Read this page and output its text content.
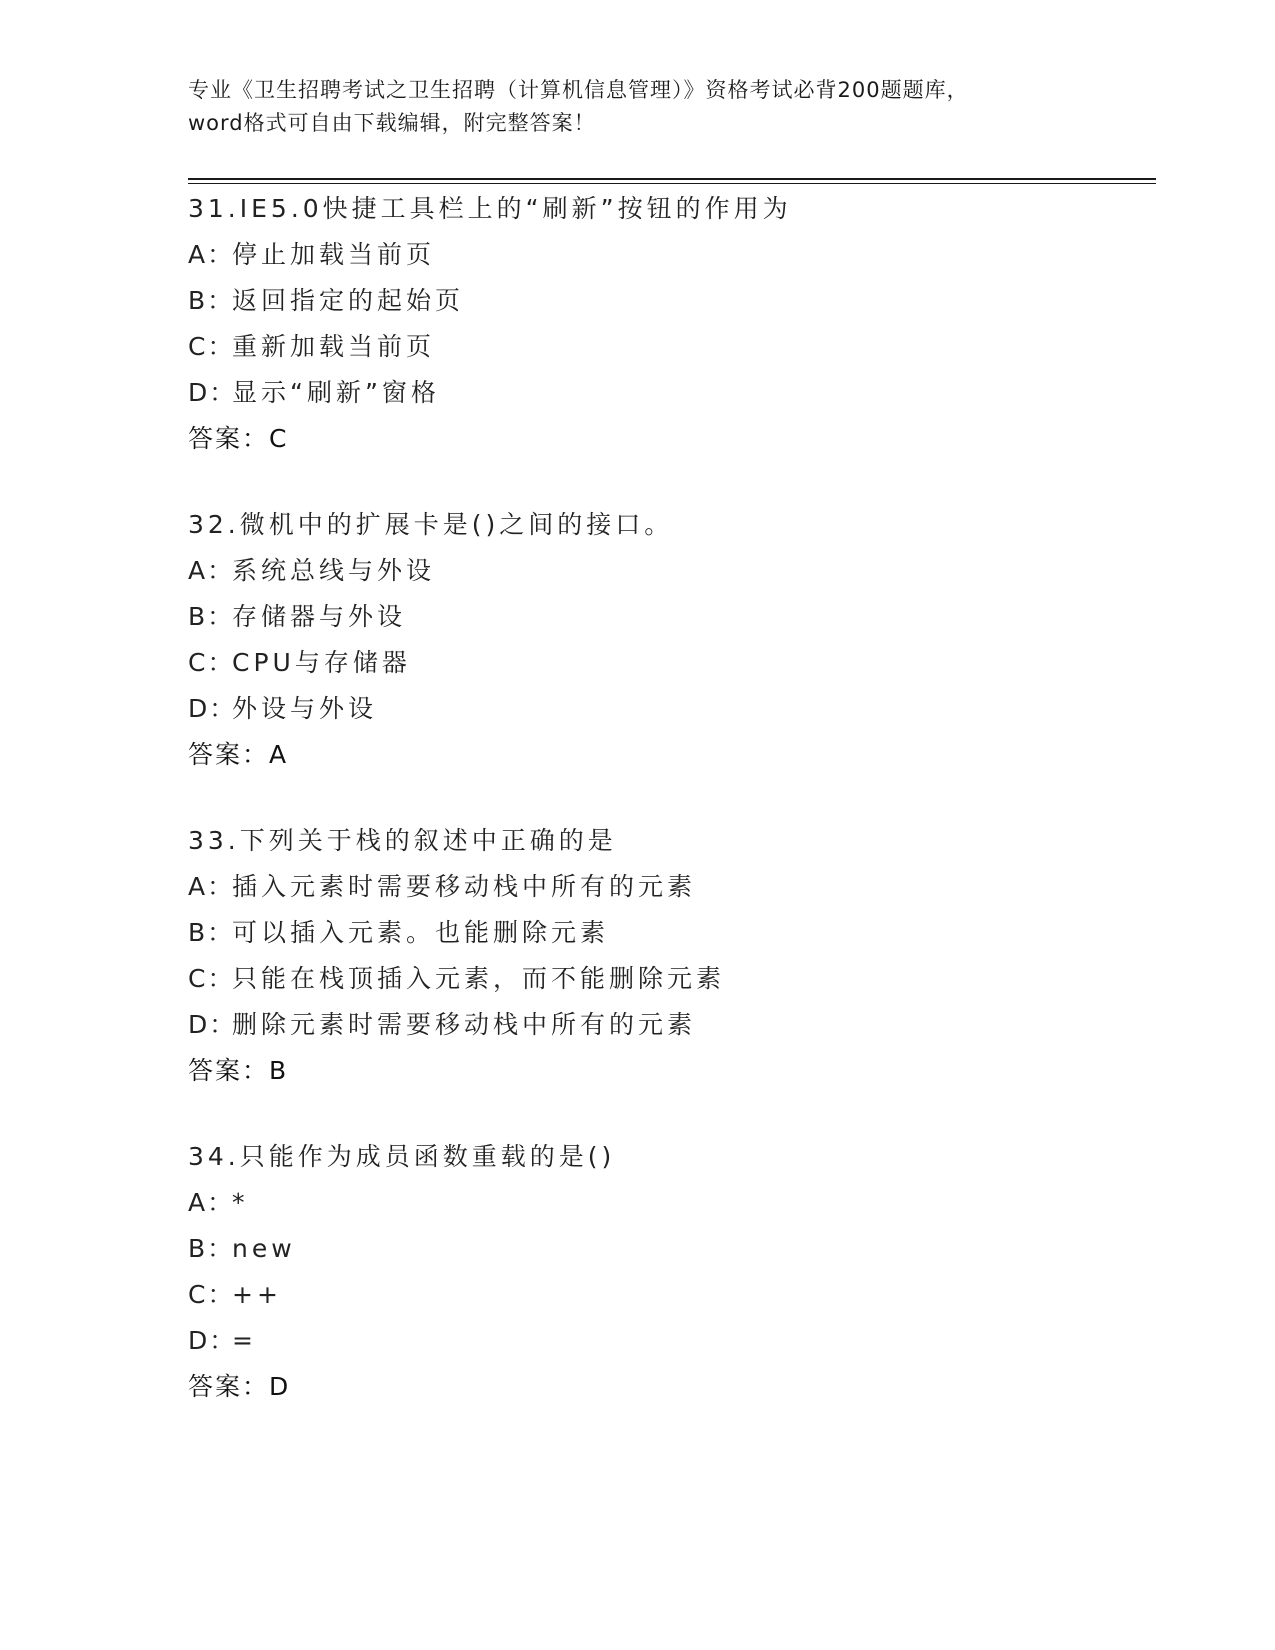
专业《卫生招聘考试之卫生招聘（计算机信息管理）》资格考试必背200题题库，
word格式可自由下载编辑，附完整答案！
31.IE5.0快捷工具栏上的“刷新”按钮的作用为
A：停止加载当前页
B：返回指定的起始页
C：重新加载当前页
D：显示“刷新”窗格
答案：C
32.微机中的扩展卡是()之间的接口。
A：系统总线与外设
B：存储器与外设
C：CPU与存储器
D：外设与外设
答案：A
33.下列关于栈的叙述中正确的是
A：插入元素时需要移动栈中所有的元素
B：可以插入元素。也能删除元素
C：只能在栈顶插入元素，而不能删除元素
D：删除元素时需要移动栈中所有的元素
答案：B
34.只能作为成员函数重载的是()
A：*
B：new
C：++
D：=
答案：D
